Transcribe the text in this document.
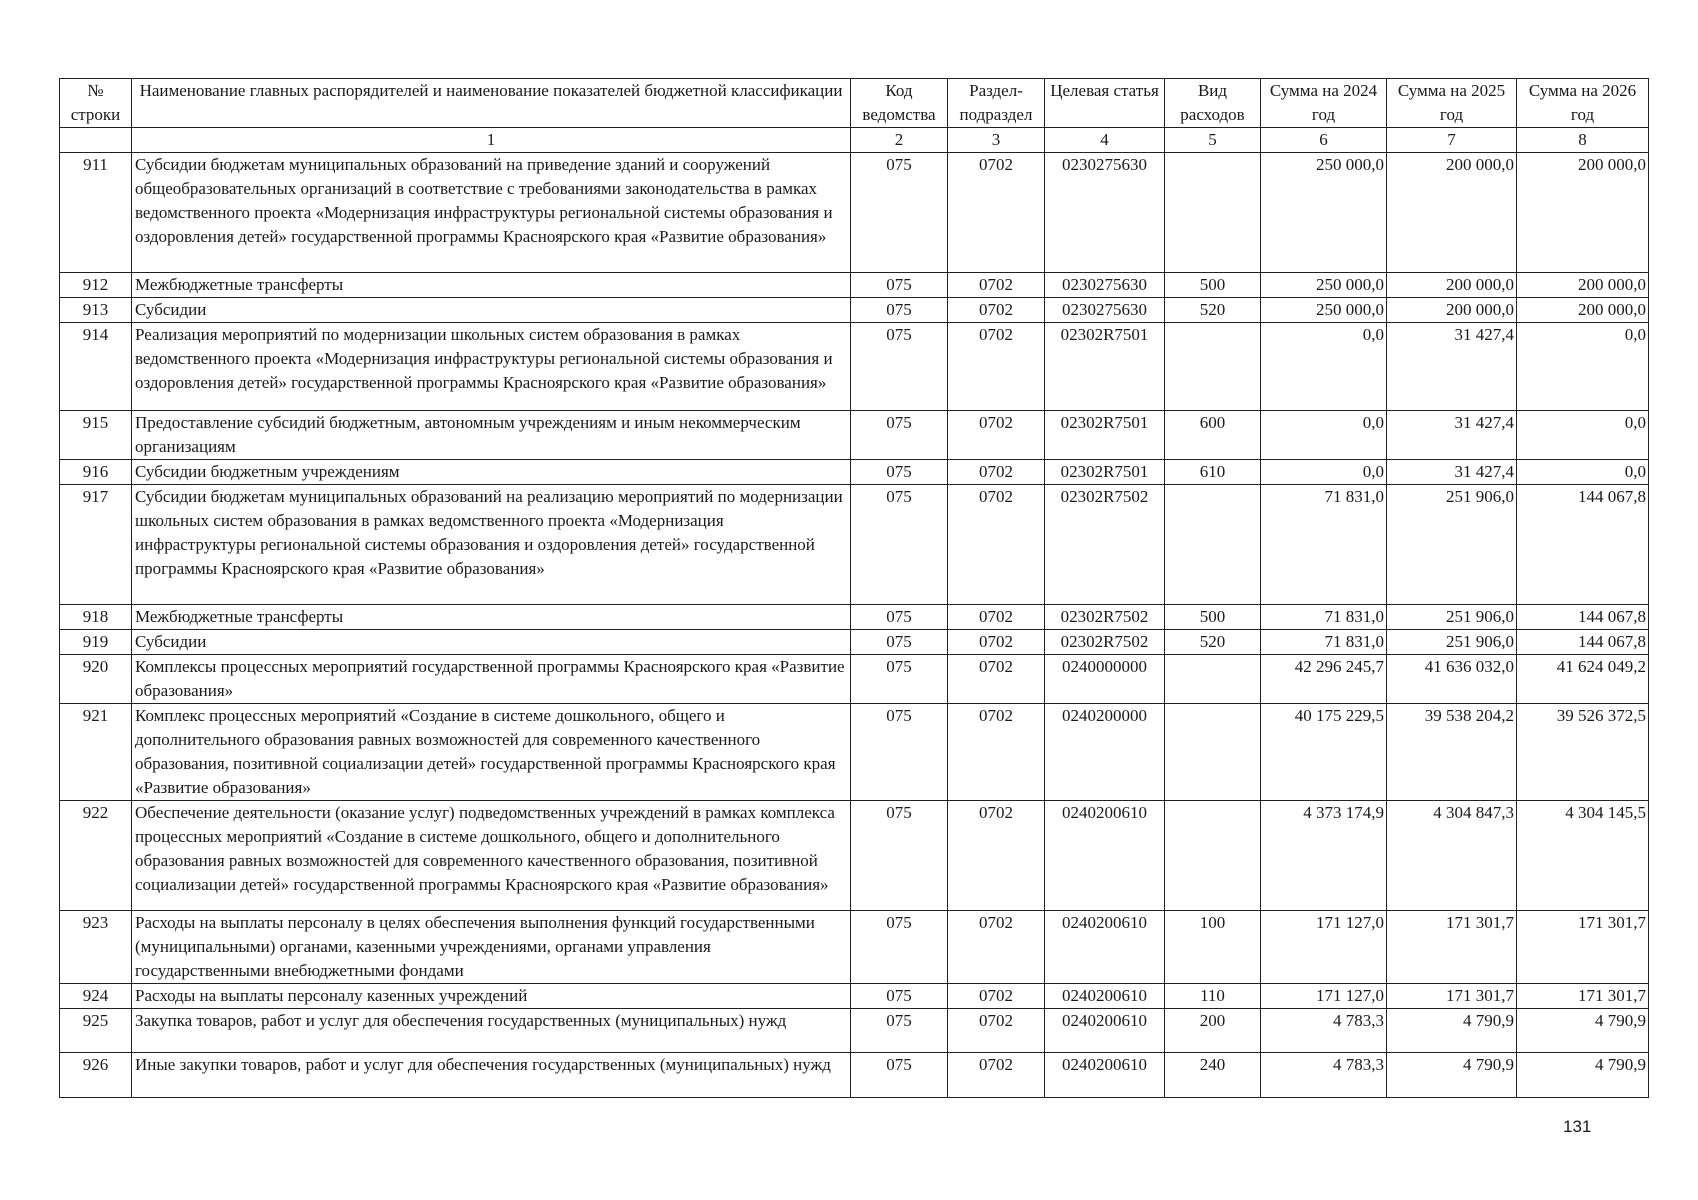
№ строки	Наименование главных распорядителей и наименование показателей бюджетной классификации	Код ведомства	Раздел-подраздел	Целевая статья	Вид расходов	Сумма на 2024 год	Сумма на 2025 год	Сумма на 2026 год
	1	2	3	4	5	6	7	8
911	Субсидии бюджетам муниципальных образований на приведение зданий и сооружений общеобразовательных организаций в соответствие с требованиями законодательства в рамках ведомственного проекта «Модернизация инфраструктуры региональной системы образования и оздоровления детей» государственной программы Красноярского края «Развитие образования»	075	0702	0230275630		250 000,0	200 000,0	200 000,0
912	Межбюджетные трансферты	075	0702	0230275630	500	250 000,0	200 000,0	200 000,0
913	Субсидии	075	0702	0230275630	520	250 000,0	200 000,0	200 000,0
914	Реализация мероприятий по модернизации школьных систем образования в рамках ведомственного проекта «Модернизация инфраструктуры региональной системы образования и оздоровления детей» государственной программы Красноярского края «Развитие образования»	075	0702	02302R7501		0,0	31 427,4	0,0
915	Предоставление субсидий бюджетным, автономным учреждениям и иным некоммерческим организациям	075	0702	02302R7501	600	0,0	31 427,4	0,0
916	Субсидии бюджетным учреждениям	075	0702	02302R7501	610	0,0	31 427,4	0,0
917	Субсидии бюджетам муниципальных образований на реализацию мероприятий по модернизации школьных систем образования в рамках ведомственного проекта «Модернизация инфраструктуры региональной системы образования и оздоровления детей» государственной программы Красноярского края «Развитие образования»	075	0702	02302R7502		71 831,0	251 906,0	144 067,8
918	Межбюджетные трансферты	075	0702	02302R7502	500	71 831,0	251 906,0	144 067,8
919	Субсидии	075	0702	02302R7502	520	71 831,0	251 906,0	144 067,8
920	Комплексы процессных мероприятий государственной программы Красноярского края «Развитие образования»	075	0702	0240000000		42 296 245,7	41 636 032,0	41 624 049,2
921	Комплекс процессных мероприятий «Создание в системе дошкольного, общего и дополнительного образования равных возможностей для современного качественного образования, позитивной социализации детей» государственной программы Красноярского края «Развитие образования»	075	0702	0240200000		40 175 229,5	39 538 204,2	39 526 372,5
922	Обеспечение деятельности (оказание услуг) подведомственных учреждений в рамках комплекса процессных мероприятий «Создание в системе дошкольного, общего и дополнительного образования равных возможностей для современного качественного образования, позитивной социализации детей» государственной программы Красноярского края «Развитие образования»	075	0702	0240200610		4 373 174,9	4 304 847,3	4 304 145,5
923	Расходы на выплаты персоналу в целях обеспечения выполнения функций государственными (муниципальными) органами, казенными учреждениями, органами управления государственными внебюджетными фондами	075	0702	0240200610	100	171 127,0	171 301,7	171 301,7
924	Расходы на выплаты персоналу казенных учреждений	075	0702	0240200610	110	171 127,0	171 301,7	171 301,7
925	Закупка товаров, работ и услуг для обеспечения государственных (муниципальных) нужд	075	0702	0240200610	200	4 783,3	4 790,9	4 790,9
926	Иные закупки товаров, работ и услуг для обеспечения государственных (муниципальных) нужд	075	0702	0240200610	240	4 783,3	4 790,9	4 790,9
131
